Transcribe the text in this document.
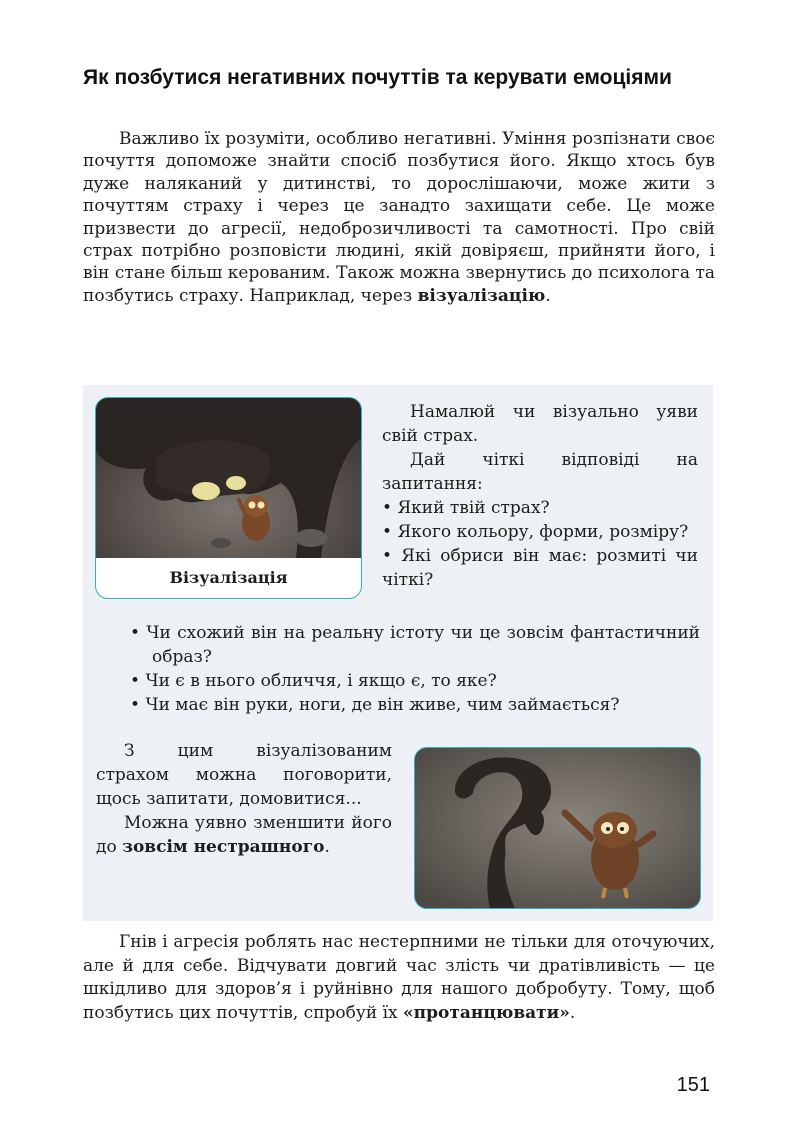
Як позбутися негативних почуттів та керувати емоціями

Важливо їх розуміти, особливо негативні. Уміння розпізнати своє почуття допоможе знайти спосіб позбутися його. Якщо хтось був дуже наляканий у дитинстві, то дорослішаючи, може жити з почуттям страху і через це занадто захищати себе. Це може призвести до агресії, недоброзичливості та самотності. Про свій страх потрібно розповісти людині, якій довіряєш, прийняти його, і він стане більш керованим. Також можна звернутись до психолога та позбутись страху. Наприклад, через візуалізацію.

Візуалізація

Намалюй чи візуально уяви свій страх.

Дай чіткі відповіді на запитання:

• Який твій страх?

• Якого кольору, форми, розміру?

• Які обриси він має: розмиті чи чіткі?

• Чи схожий він на реальну істоту чи це зовсім фантастичний образ?

• Чи є в нього обличчя, і якщо є, то яке?

• Чи має він руки, ноги, де він живе, чим займається?

З цим візуалізованим страхом можна поговорити, щось запитати, домовитися...

Можна уявно зменшити його до зовсім нестрашного.

Гнів і агресія роблять нас нестерпними не тільки для оточуючих, але й для себе. Відчувати довгий час злість чи дратівливість — це шкідливо для здоров’я і руйнівно для нашого добробуту. Тому, щоб позбутись цих почуттів, спробуй їх «протанцювати».

151
